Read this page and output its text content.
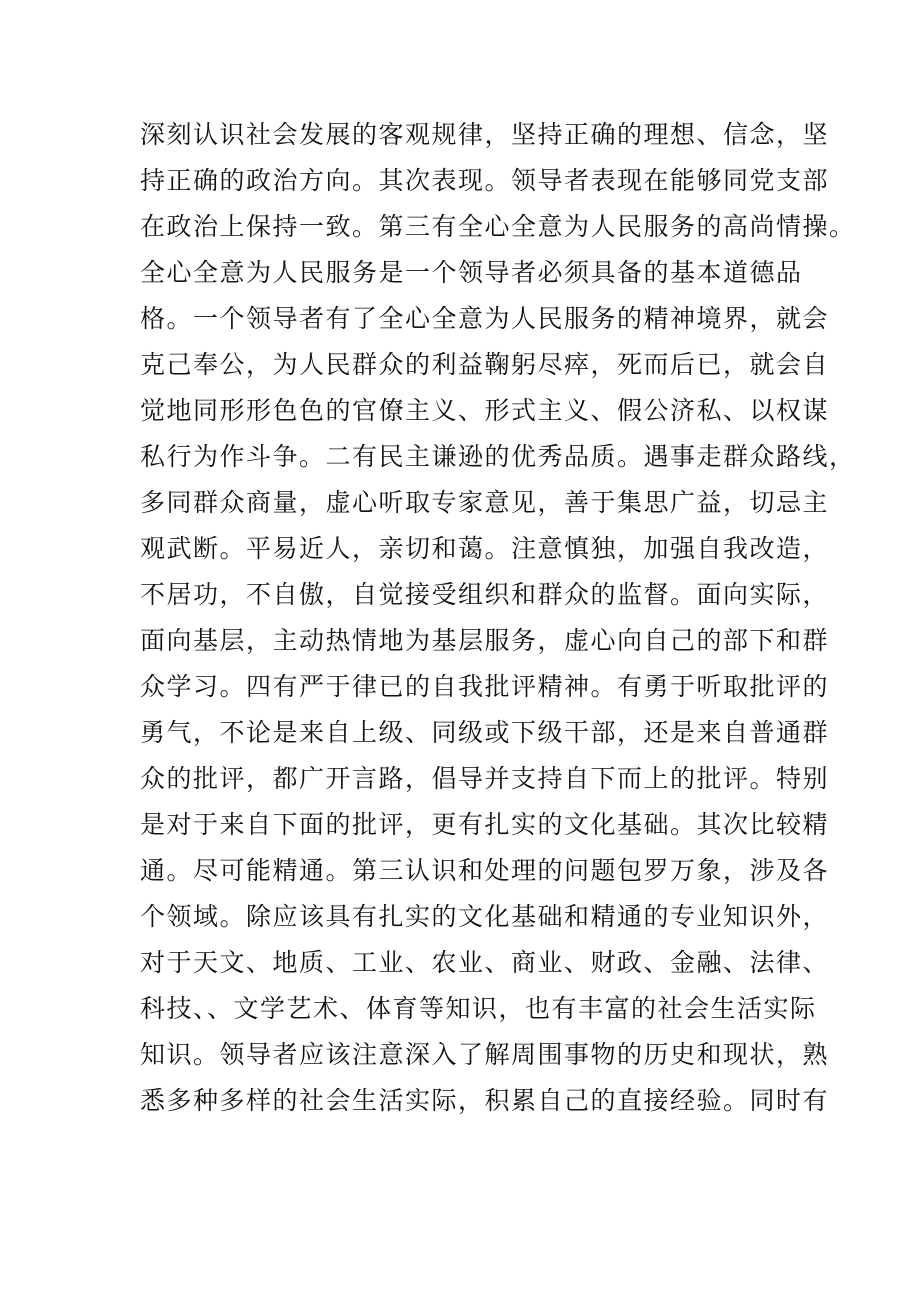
深刻认识社会发展的客观规律，坚持正确的理想、信念，坚
持正确的政治方向。其次表现。领导者表现在能够同党支部
在政治上保持一致。第三有全心全意为人民服务的高尚情操。
全心全意为人民服务是一个领导者必须具备的基本道德品
格。一个领导者有了全心全意为人民服务的精神境界，就会
克己奉公，为人民群众的利益鞠躬尽瘁，死而后已，就会自
觉地同形形色色的官僚主义、形式主义、假公济私、以权谋
私行为作斗争。二有民主谦逊的优秀品质。遇事走群众路线，
多同群众商量，虚心听取专家意见，善于集思广益，切忌主
观武断。平易近人，亲切和蔼。注意慎独，加强自我改造，
不居功，不自傲，自觉接受组织和群众的监督。面向实际，
面向基层，主动热情地为基层服务，虚心向自己的部下和群
众学习。四有严于律已的自我批评精神。有勇于听取批评的
勇气，不论是来自上级、同级或下级干部，还是来自普通群
众的批评，都广开言路，倡导并支持自下而上的批评。特别
是对于来自下面的批评，更有扎实的文化基础。其次比较精
通。尽可能精通。第三认识和处理的问题包罗万象，涉及各
个领域。除应该具有扎实的文化基础和精通的专业知识外，
对于天文、地质、工业、农业、商业、财政、金融、法律、
科技、、文学艺术、体育等知识，也有丰富的社会生活实际
知识。领导者应该注意深入了解周围事物的历史和现状，熟
悉多种多样的社会生活实际，积累自己的直接经验。同时有
